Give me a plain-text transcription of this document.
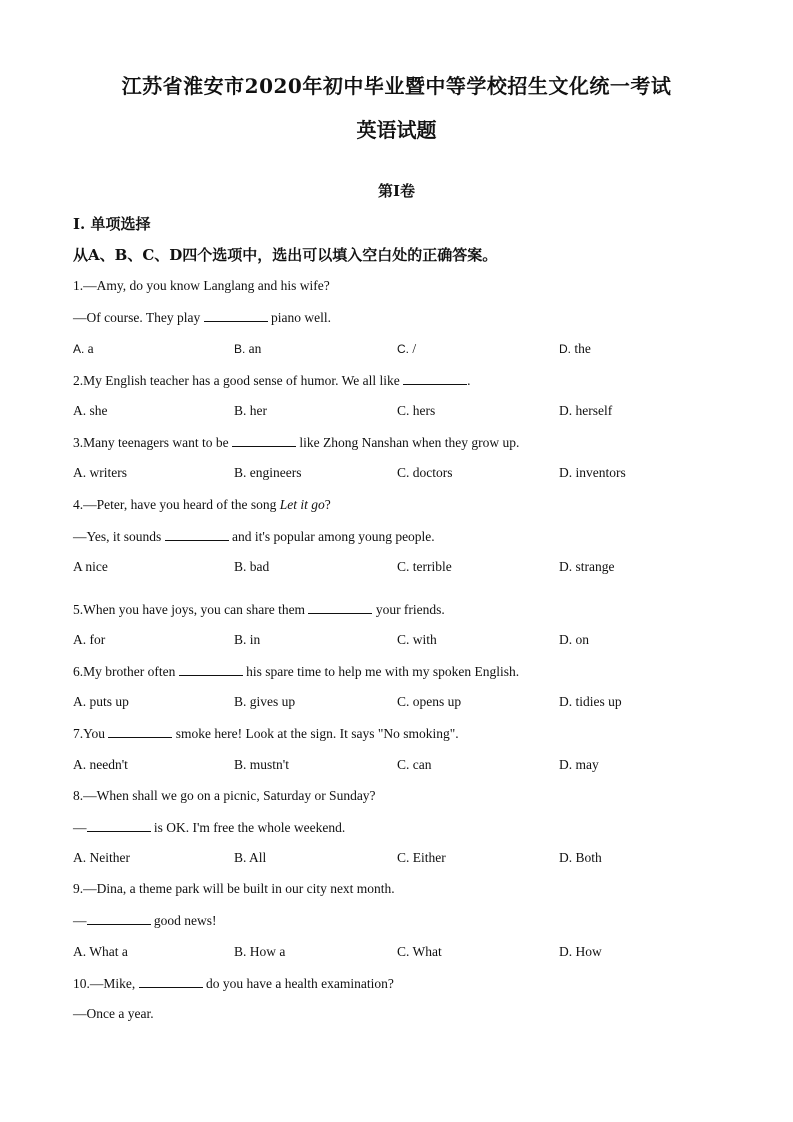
江苏省淮安市2020年初中毕业暨中等学校招生文化统一考试
英语试题
第I卷
I. 单项选择
从A、B、C、D四个选项中，选出可以填入空白处的正确答案。
1.—Amy, do you know Langlang and his wife?
—Of course. They play	piano well.
A. a	B. an	C. /	D. the
2.My English teacher has a good sense of humor. We all like	.
A. she	B. her	C. hers	D. herself
3.Many teenagers want to be	like Zhong Nanshan when they grow up.
A. writers	B. engineers	C. doctors	D. inventors
4.—Peter, have you heard of the song Let it go?
—Yes, it sounds	and it's popular among young people.
A nice	B. bad	C. terrible	D. strange
5.When you have joys, you can share them	your friends.
A. for	B. in	C. with	D. on
6.My brother often	his spare time to help me with my spoken English.
A. puts up	B. gives up	C. opens up	D. tidies up
7.You	smoke here! Look at the sign. It says "No smoking".
A. needn't	B. mustn't	C. can	D. may
8.—When shall we go on a picnic, Saturday or Sunday?
—	is OK. I'm free the whole weekend.
A. Neither	B. All	C. Either	D. Both
9.—Dina, a theme park will be built in our city next month.
—	good news!
A. What a	B. How a	C. What	D. How
10.—Mike,	do you have a health examination?
—Once a year.
